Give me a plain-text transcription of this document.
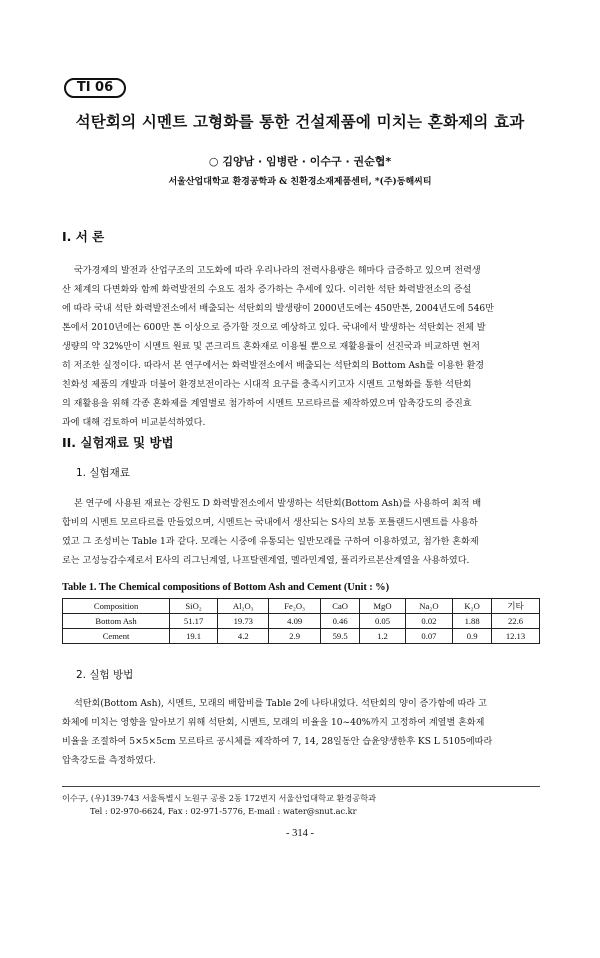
TI 06
석탄회의 시멘트 고형화를 통한 건설제품에 미치는 혼화제의 효과
○ 김양남 · 임병란 · 이수구 · 권순협*
서울산업대학교 환경공학과 & 친환경소재제품센터, *(주)동해씨티
I. 서 론
국가경제의 발전과 산업구조의 고도화에 따라 우리나라의 전력사용량은 해마다 급증하고 있으며 전력생
산 체계의 다변화와 함께 화력발전의 수요도 점차 증가하는 추세에 있다. 이러한 석탄 화력발전소의 증설
에 따라 국내 석탄 화력발전소에서 배출되는 석탄회의 발생량이 2000년도에는 450만톤, 2004년도에 546만
톤에서 2010년에는 600만 톤 이상으로 증가할 것으로 예상하고 있다. 국내에서 발생하는 석탄회는 전체 발
생량의 약 32%만이 시멘트 원료 및 콘크리트 혼화재로 이용될 뿐으로 재활용률이 선진국과 비교하면 현저
히 저조한 실정이다. 따라서 본 연구에서는 화력발전소에서 배출되는 석탄회의 Bottom Ash를 이용한 환경
친화성 제품의 개발과 더불어 환경보전이라는 시대적 요구를 충족시키고자 시멘트 고형화를 통한 석탄회
의 재활용을 위해 각종 혼화제를 계열별로 첨가하여 시멘트 모르타르를 제작하였으며 압축강도의 증진효
과에 대해 검토하여 비교분석하였다.
II. 실험재료 및 방법
1. 실험재료
본 연구에 사용된 재료는 강원도 D 화력발전소에서 발생하는 석탄회(Bottom Ash)를 사용하여 최적 배
합비의 시멘트 모르타르를 만들었으며, 시멘트는 국내에서 생산되는 S사의 보통 포틀랜드시멘트를 사용하
였고 그 조성비는 Table 1과 같다. 모래는 시중에 유통되는 일반모래를 구하여 이용하였고, 첨가한 혼화제
로는 고성능감수제로서 E사의 리그닌계열, 나프탈렌계열, 멜라민계열, 폴리카르본산계열을 사용하였다.
Table 1. The Chemical compositions of Bottom Ash and Cement (Unit : %)
Composition	SiO₂	Al₂O₃	Fe₂O₃	CaO	MgO	Na₂O	K₂O	기타
Bottom Ash	51.17	19.73	4.09	0.46	0.05	0.02	1.88	22.6
Cement	19.1	4.2	2.9	59.5	1.2	0.07	0.9	12.13
2. 실험 방법
석탄회(Bottom Ash), 시멘트, 모래의 배합비를 Table 2에 나타내었다. 석탄회의 양이 증가함에 따라 고
화체에 미치는 영향을 알아보기 위해 석탄회, 시멘트, 모래의 비율을 10~40%까지 고정하여 계열별 혼화제
비율을 조절하여 5×5×5cm 모르타르 공시체를 제작하여 7, 14, 28일동안 습윤양생한후 KS L 5105에따라
압축강도를 측정하였다.
이수구, (우)139-743 서울특별시 노원구 공릉 2동 172번지 서울산업대학교 환경공학과
Tel : 02-970-6624, Fax : 02-971-5776, E-mail : water@snut.ac.kr
- 314 -
